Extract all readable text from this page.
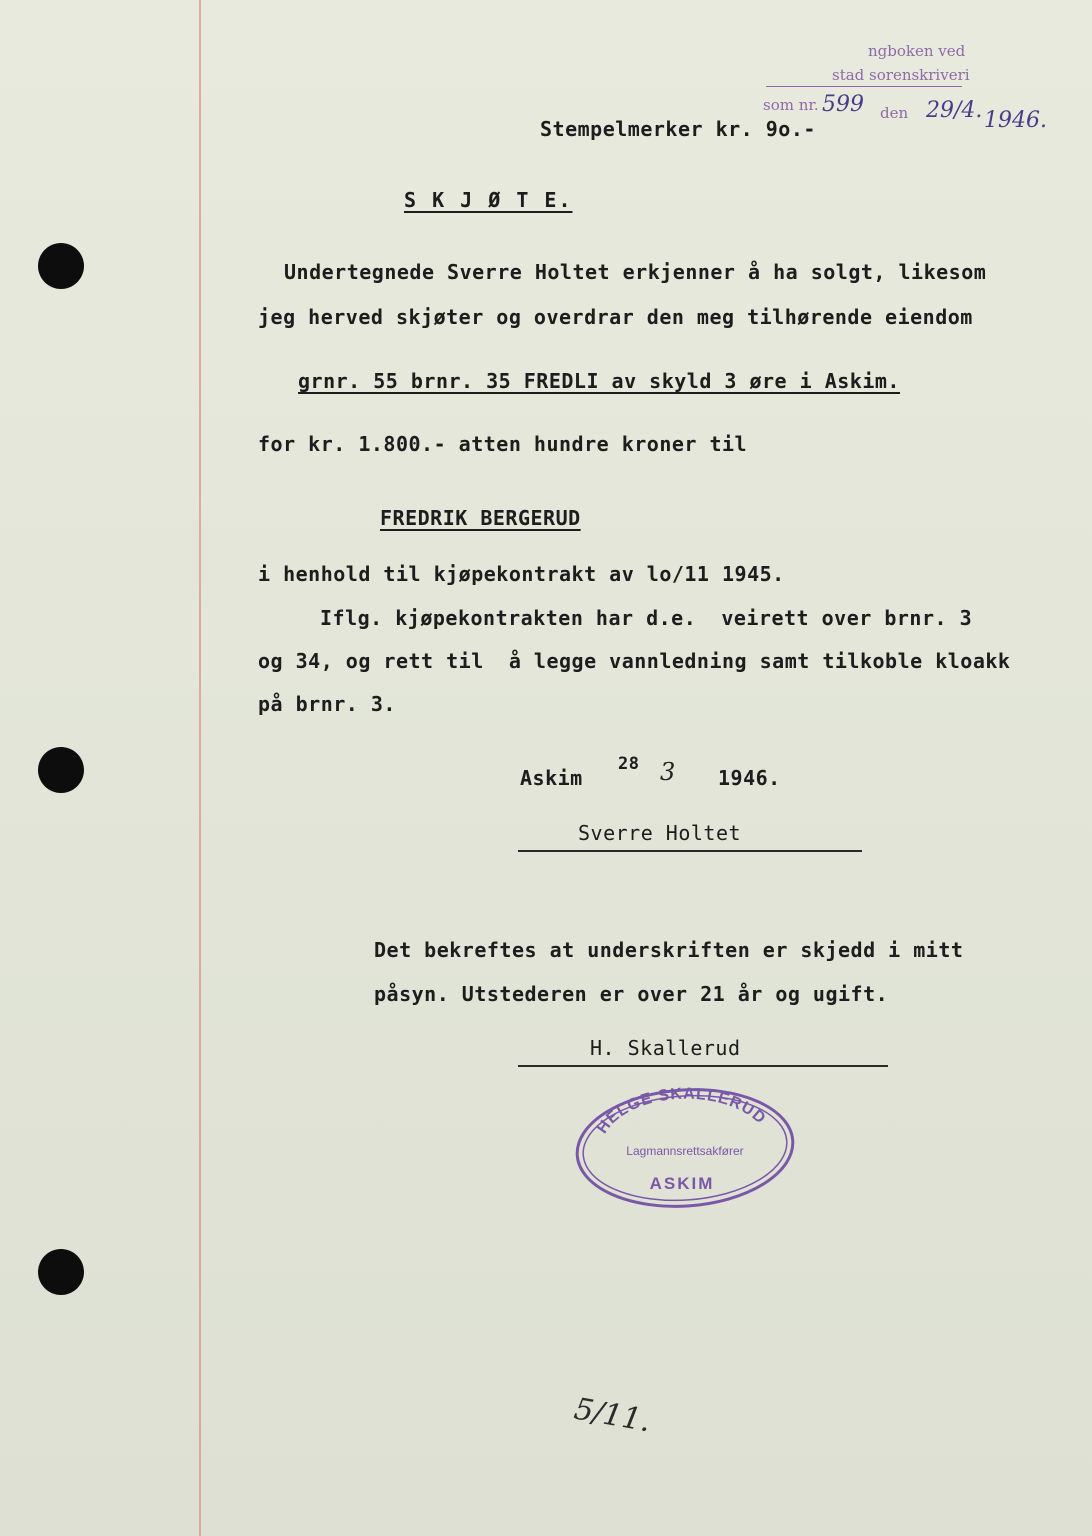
ngboken ved
stad sorenskriveri
som nr. 599 den 29/4. 1946.
Stempelmerker kr. 9o.-
S K J Ø T E.
Undertegnede Sverre Holtet erkjenner å ha solgt, likesom
jeg herved skjøter og overdrar den meg tilhørende eiendom
grnr. 55 brnr. 35 FREDLI av skyld 3 øre i Askim.
for kr. 1.800.- atten hundre kroner til
FREDRIK BERGERUD
i henhold til kjøpekontrakt av lo/11 1945.
Iflg. kjøpekontrakten har d.e.  veirett over brnr. 3
og 34, og rett til  å legge vannledning samt tilkoble kloakk
på brnr. 3.
Askim
28 3 1946.
Sverre Holtet
Det bekreftes at underskriften er skjedd i mitt
påsyn. Utstederen er over 21 år og ugift.
H. Skallerud
HELGE SKALLERUD
Lagmannsrettsakfører
ASKIM
5/11.
